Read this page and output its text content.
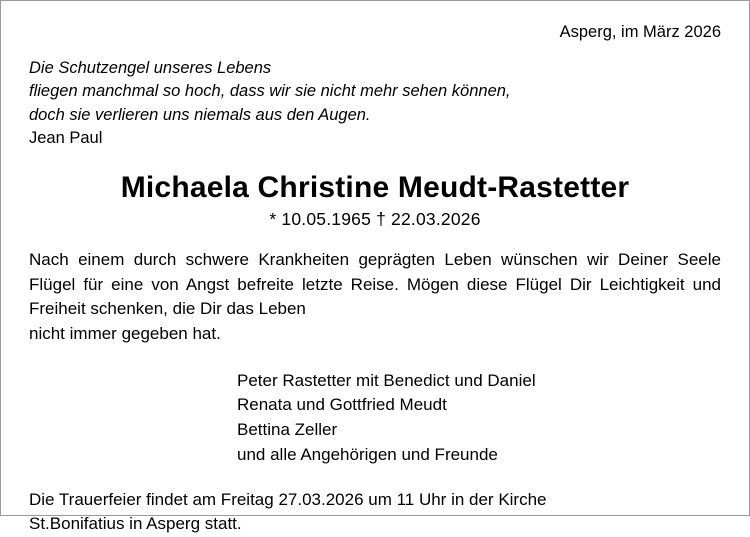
Asperg, im März 2026
Die Schutzengel unseres Lebens
fliegen manchmal so hoch, dass wir sie nicht mehr sehen können,
doch sie verlieren uns niemals aus den Augen.
Jean Paul
Michaela Christine Meudt-Rastetter
* 10.05.1965 † 22.03.2026
Nach einem durch schwere Krankheiten geprägten Leben wünschen wir Deiner Seele Flügel für eine von Angst befreite letzte Reise. Mögen diese Flügel Dir Leichtigkeit und Freiheit schenken, die Dir das Leben
nicht immer gegeben hat.
Peter Rastetter mit Benedict und Daniel
Renata und Gottfried Meudt
Bettina Zeller
und alle Angehörigen und Freunde
Die Trauerfeier findet am Freitag 27.03.2026 um 11 Uhr in der Kirche
St.Bonifatius in Asperg statt.
